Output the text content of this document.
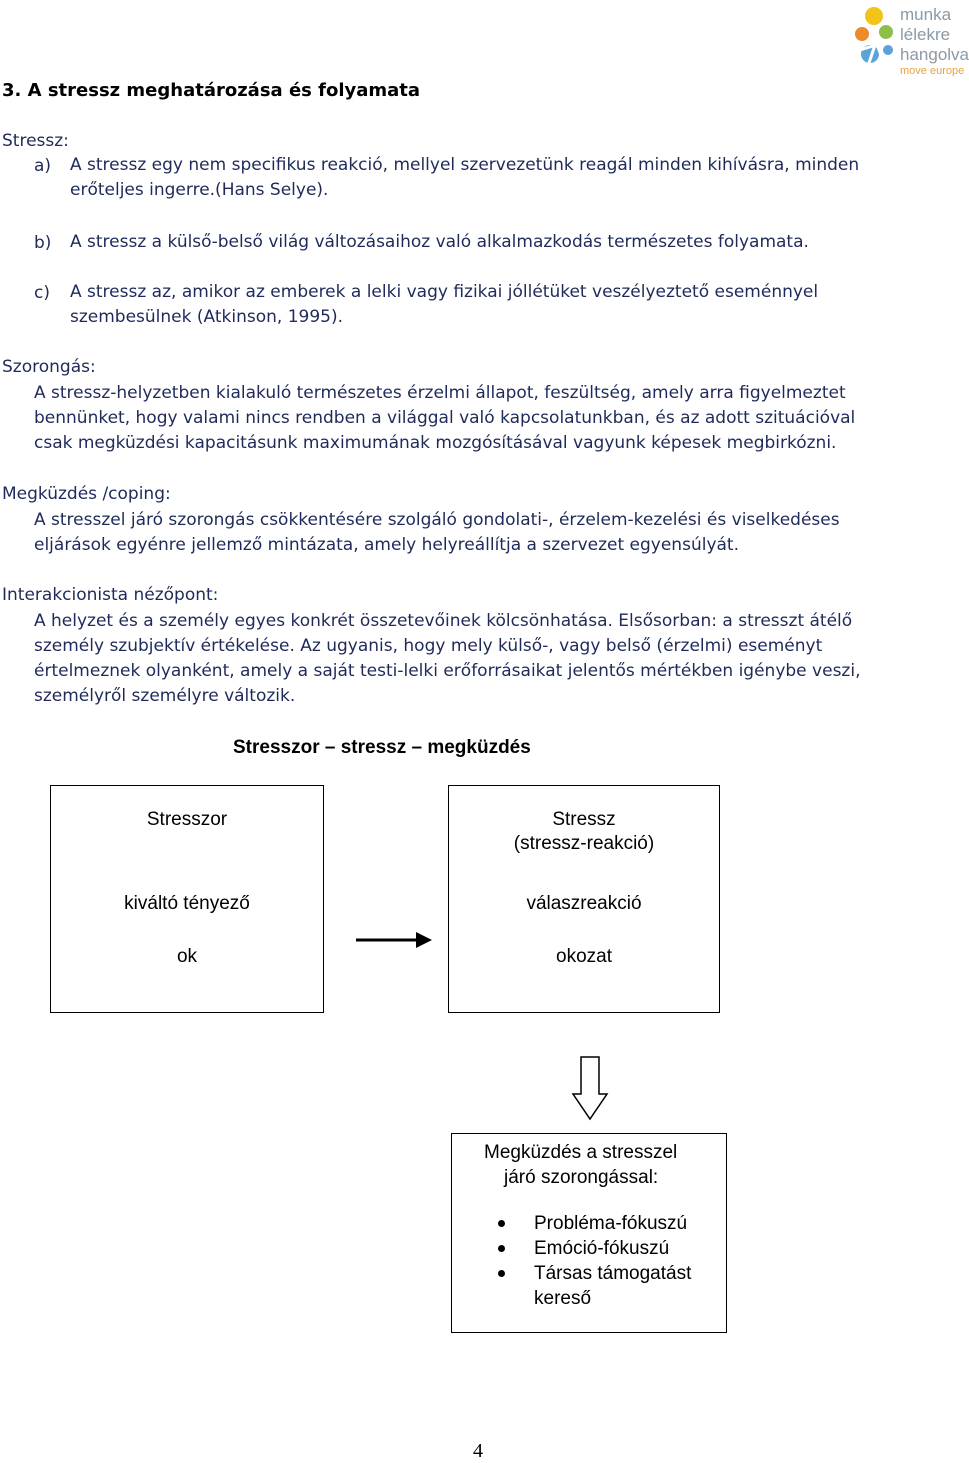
munka
lélekre
hangolva
move europe
3. A stressz meghatározása és folyamata
Stressz:
a) A stressz egy nem specifikus reakció, mellyel szervezetünk reagál minden kihívásra, minden
erőteljes ingerre.(Hans Selye).
b) A stressz a külső-belső világ változásaihoz való alkalmazkodás természetes folyamata.
c) A stressz az, amikor az emberek a lelki vagy fizikai jóllétüket veszélyeztető eseménnyel
szembesülnek (Atkinson, 1995).
Szorongás:
A stressz-helyzetben kialakuló természetes érzelmi állapot, feszültség, amely arra figyelmeztet
bennünket, hogy valami nincs rendben a világgal való kapcsolatunkban, és az adott szituációval
csak megküzdési kapacitásunk maximumának mozgósításával vagyunk képesek megbirkózni.
Megküzdés /coping:
A stresszel járó szorongás csökkentésére szolgáló gondolati-, érzelem-kezelési és viselkedéses
eljárások egyénre jellemző mintázata, amely helyreállítja a szervezet egyensúlyát.
Interakcionista nézőpont:
A helyzet és a személy egyes konkrét összetevőinek kölcsönhatása. Elsősorban: a stresszt átélő
személy szubjektív értékelése. Az ugyanis, hogy mely külső-, vagy belső (érzelmi) eseményt
értelmeznek olyanként, amely a saját testi-lelki erőforrásaikat jelentős mértékben igénybe veszi,
személyről személyre változik.
Stresszor – stressz – megküzdés
Stresszor
kiváltó tényező
ok
Stressz
(stressz-reakció)
válaszreakció
okozat
Megküzdés a stresszel
járó szorongással:
Probléma-fókuszú
Emóció-fókuszú
Társas támogatást
kereső
4
